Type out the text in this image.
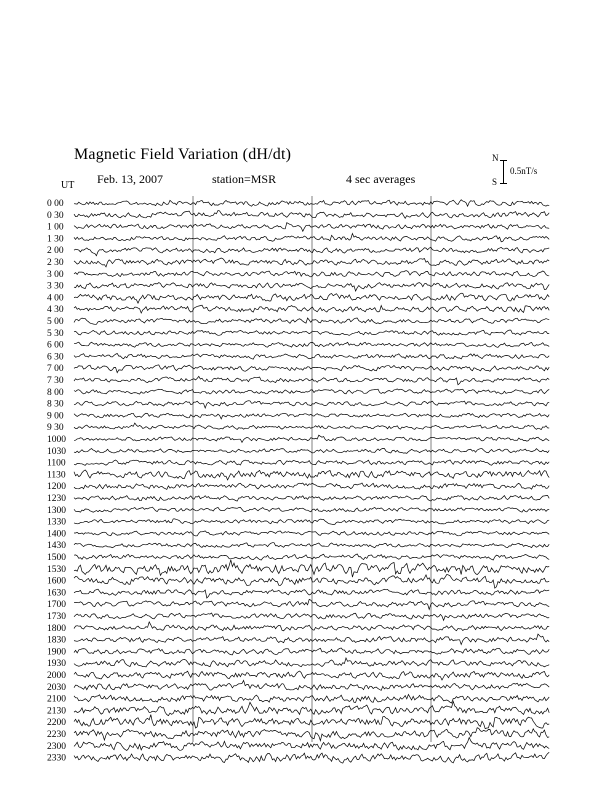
Magnetic Field Variation (dH/dt)
Feb. 13, 2007	station=MSR	4 sec averages
UT
N
S
0.5nT/s
0 00
0 30
1 00
1 30
2 00
2 30
3 00
3 30
4 00
4 30
5 00
5 30
6 00
6 30
7 00
7 30
8 00
8 30
9 00
9 30
1000
1030
1100
1130
1200
1230
1300
1330
1400
1430
1500
1530
1600
1630
1700
1730
1800
1830
1900
1930
2000
2030
2100
2130
2200
2230
2300
2330
